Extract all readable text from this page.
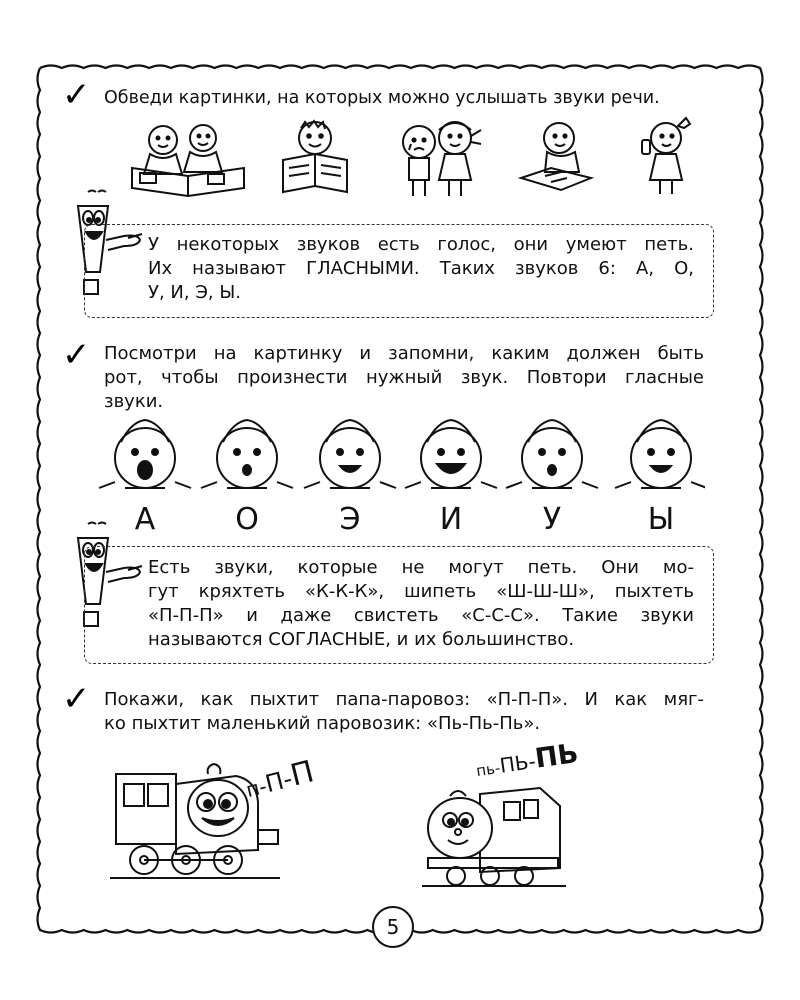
✓ Обведи картинки, на которых можно услышать звуки речи.
У некоторых звуков есть голос, они умеют петь.
Их называют ГЛАСНЫМИ. Таких звуков 6: А, О,
У, И, Э, Ы.
✓ Посмотри на картинку и запомни, каким должен быть
рот, чтобы произнести нужный звук. Повтори гласные
звуки.
А	О	Э	И	У	Ы
Есть звуки, которые не могут петь. Они мо-
гут кряхтеть «К-К-К», шипеть «Ш-Ш-Ш», пыхтеть
«П-П-П» и даже свистеть «С-С-С». Такие звуки
называются СОГЛАСНЫЕ, и их большинство.
✓ Покажи, как пыхтит папа-паровоз: «П-П-П». И как мяг-
ко пыхтит маленький паровозик: «Пь-Пь-Пь».
п-П-П	пь-ПЬ-ПЬ
5
